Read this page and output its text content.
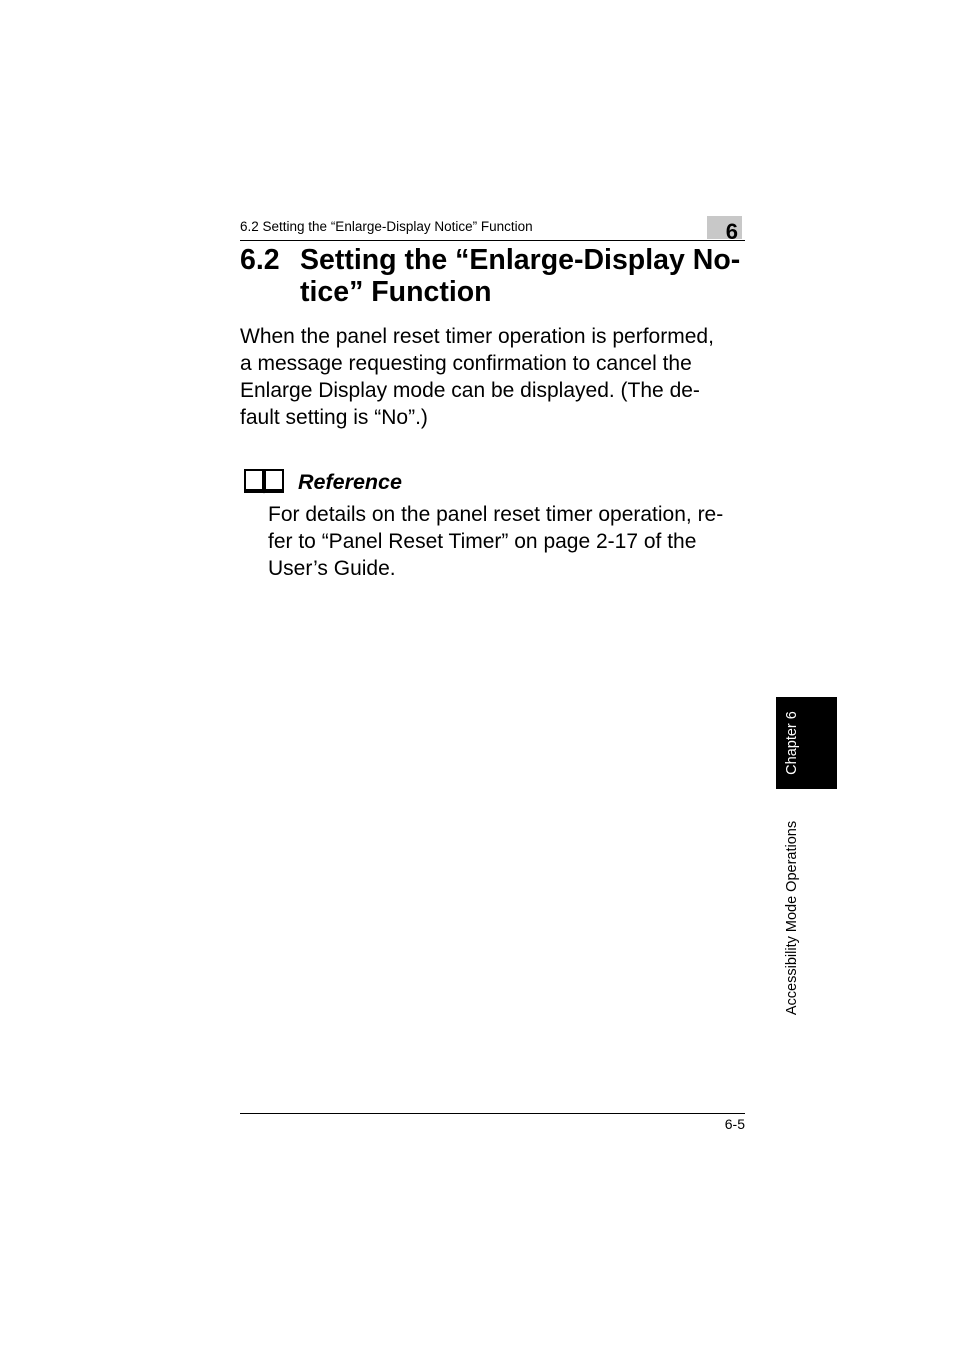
6.2 Setting the “Enlarge-Display Notice” Function	6
6.2 Setting the “Enlarge-Display No-
tice” Function
When the panel reset timer operation is performed,
a message requesting confirmation to cancel the
Enlarge Display mode can be displayed. (The de-
fault setting is “No”.)
Reference
For details on the panel reset timer operation, re-
fer to “Panel Reset Timer” on page 2-17 of the
User’s Guide.
Chapter 6
Accessibility Mode Operations
6-5
